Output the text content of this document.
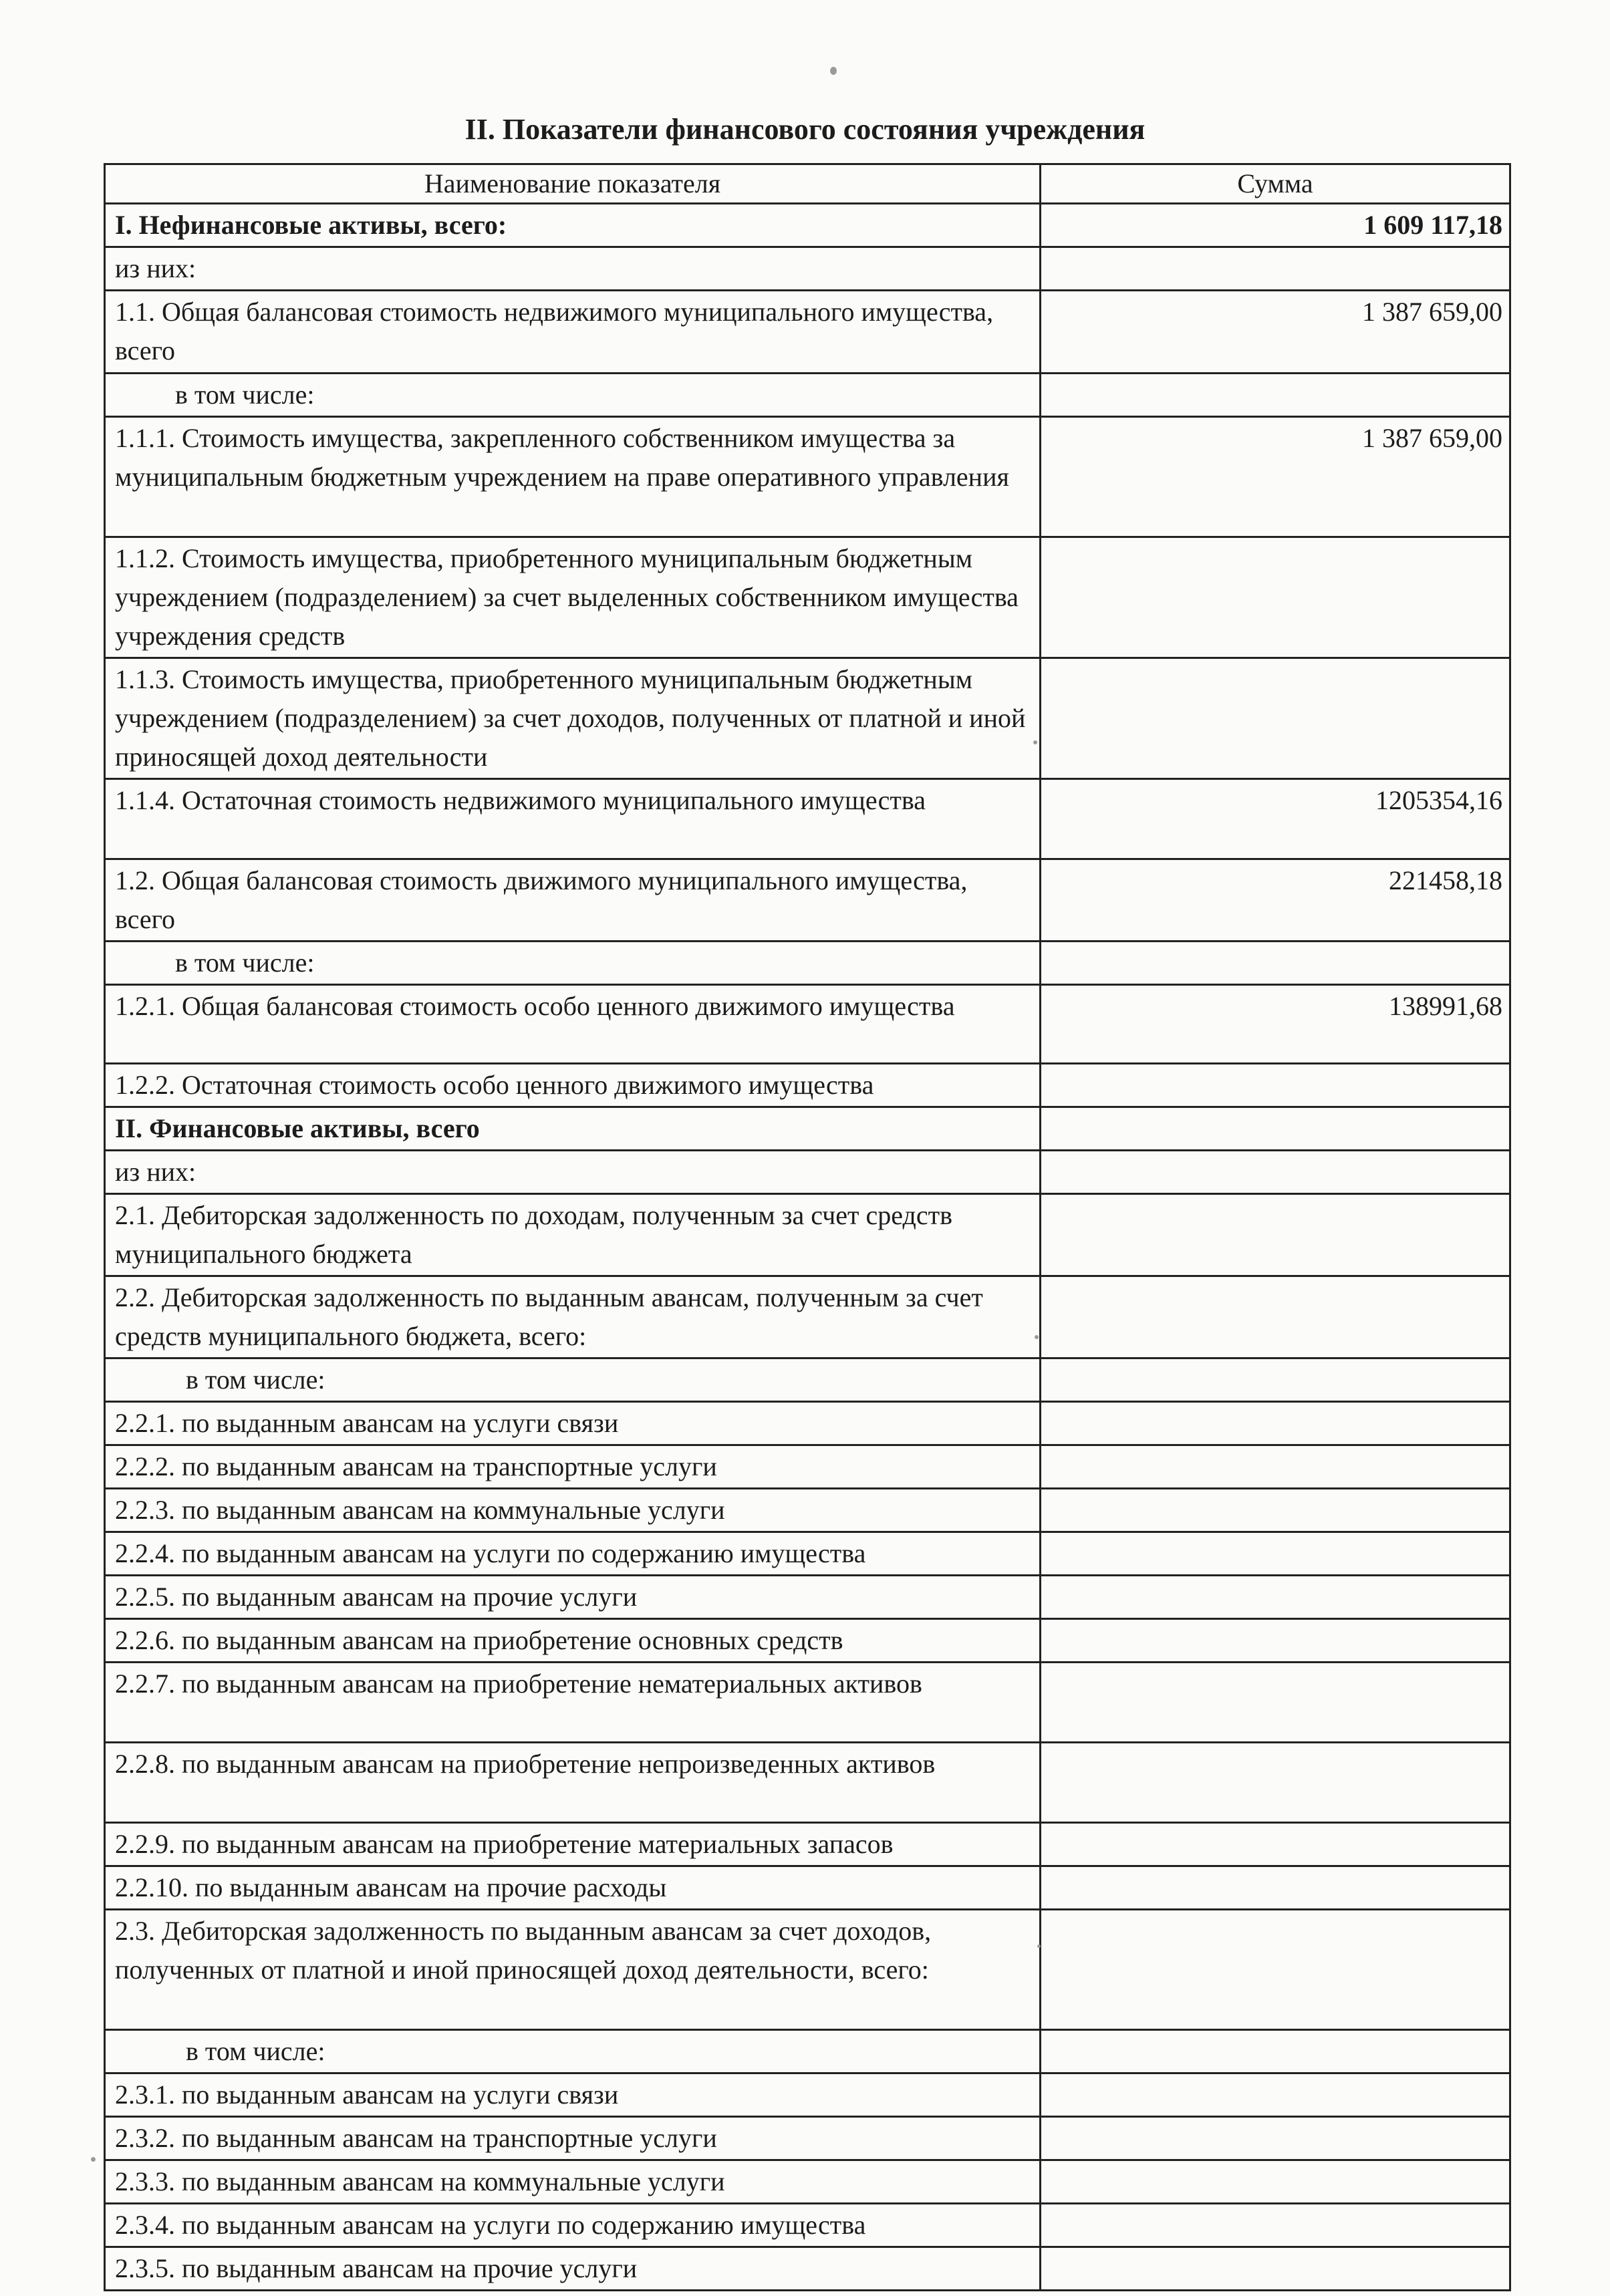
II. Показатели финансового состояния учреждения
Наименование показателя	Сумма
I. Нефинансовые активы, всего:	1 609 117,18
из них:	
1.1. Общая балансовая стоимость недвижимого муниципального имущества, всего	1 387 659,00
в том числе:	
1.1.1. Стоимость имущества, закрепленного собственником имущества за муниципальным бюджетным учреждением на праве оперативного управления	1 387 659,00
1.1.2. Стоимость имущества, приобретенного муниципальным бюджетным учреждением (подразделением) за счет выделенных собственником имущества учреждения средств	
1.1.3. Стоимость имущества, приобретенного муниципальным бюджетным учреждением (подразделением) за счет доходов, полученных от платной и иной приносящей доход деятельности	
1.1.4. Остаточная стоимость недвижимого муниципального имущества	1205354,16
1.2. Общая балансовая стоимость движимого муниципального имущества, всего	221458,18
в том числе:	
1.2.1. Общая балансовая стоимость особо ценного движимого имущества	138991,68
1.2.2. Остаточная стоимость особо ценного движимого имущества	
II. Финансовые активы, всего	
из них:	
2.1. Дебиторская задолженность по доходам, полученным за счет средств муниципального бюджета	
2.2. Дебиторская задолженность по выданным авансам, полученным за счет средств муниципального бюджета, всего:	
в том числе:	
2.2.1. по выданным авансам на услуги связи	
2.2.2. по выданным авансам на транспортные услуги	
2.2.3. по выданным авансам на коммунальные услуги	
2.2.4. по выданным авансам на услуги по содержанию имущества	
2.2.5. по выданным авансам на прочие услуги	
2.2.6. по выданным авансам на приобретение основных средств	
2.2.7. по выданным авансам на приобретение нематериальных активов	
2.2.8. по выданным авансам на приобретение непроизведенных активов	
2.2.9. по выданным авансам на приобретение материальных запасов	
2.2.10. по выданным авансам на прочие расходы	
2.3. Дебиторская задолженность по выданным авансам за счет доходов, полученных от платной и иной приносящей доход деятельности, всего:	
в том числе:	
2.3.1. по выданным авансам на услуги связи	
2.3.2. по выданным авансам на транспортные услуги	
2.3.3. по выданным авансам на коммунальные услуги	
2.3.4. по выданным авансам на услуги по содержанию имущества	
2.3.5. по выданным авансам на прочие услуги	
